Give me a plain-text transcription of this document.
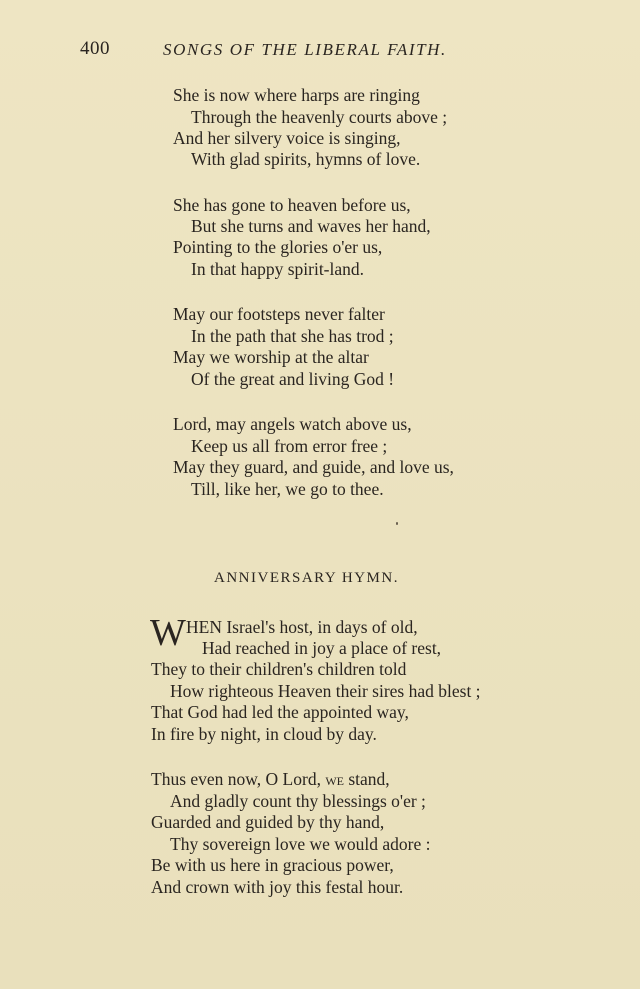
400	SONGS OF THE LIBERAL FAITH.
She is now where harps are ringing
Through the heavenly courts above ;
And her silvery voice is singing,
With glad spirits, hymns of love.
She has gone to heaven before us,
But she turns and waves her hand,
Pointing to the glories o'er us,
In that happy spirit-land.
May our footsteps never falter
In the path that she has trod ;
May we worship at the altar
Of the great and living God !
Lord, may angels watch above us,
Keep us all from error free ;
May they guard, and guide, and love us,
Till, like her, we go to thee.
ANNIVERSARY HYMN.
W HEN Israel's host, in days of old,
Had reached in joy a place of rest,
They to their children's children told
How righteous Heaven their sires had blest ;
That God had led the appointed way,
In fire by night, in cloud by day.
Thus even now, O Lord, we stand,
And gladly count thy blessings o'er ;
Guarded and guided by thy hand,
Thy sovereign love we would adore :
Be with us here in gracious power,
And crown with joy this festal hour.
